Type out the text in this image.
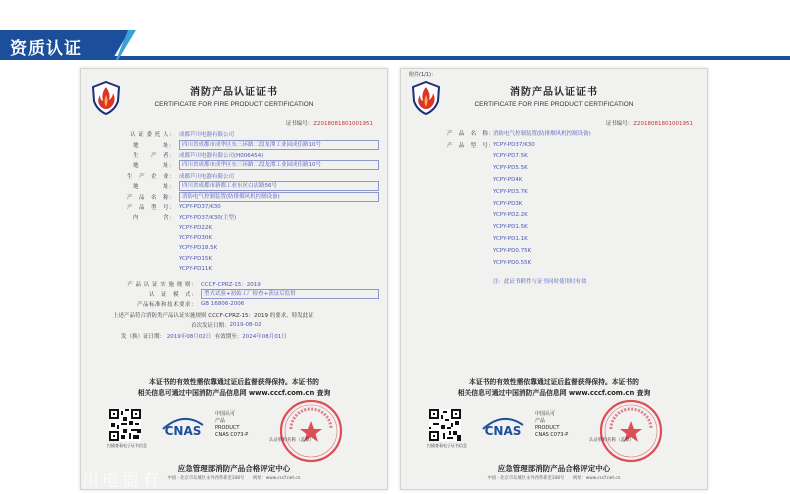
资质认证
消防产品认证证书
CERTIFICATE FOR FIRE PRODUCT CERTIFICATION
证书编号：Z2018081801001951
认 证 委 托 人： 成都芦川电器有限公司
地　　　　址：	四川省成都市成华区东三环路二段龙潭工业园成佳路10号
生　　产　者： 成都芦川电器有限公司(H006454)
地　　　　址：	四川省成都市成华区东三环路二段龙潭工业园成佳路10号
生　产　企　业： 成都芦川电器有限公司
地　　　　址：	四川省成都市新都工业东区白店路56号
产　品　名　称：	消防电气控制装置(防排烟风机控制设备)
产　品　型　号： YCPY-PD37/K30
内　　　　含： YCPY-PD37/K30(主型)
YCPY-PD22K
YCPY-PD30K
YCPY-PD18.5K
YCPY-PD15K
YCPY-PD11K
产 品 认 证 实 施 规 则： CCCF-CPRZ-15：2019
认　证　模　式：	型式试验+初始工厂检查+获证后监督
产品标准和技术要求： GB 16806-2006
上述产品符合消防类产品认证实施规则 CCCF-CPRZ-15：2019 的要求，特发此证
首次发证日期： 2019-08-02
发（换）证日期：
2019年08月02日
有效期至： 2024年08月01日
本证书的有效性需依靠通过证后监督获得保持。本证书的
相关信息可通过中国消防产品信息网 www.cccf.com.cn 查询
扫描查看电子证书信息
CNAS
中国认可
产品
PRODUCT
CNAS C073-P
认证机构名称（盖章）
应急管理部消防产品合格评定中心
中国 · 北京市东城区永外西革新里108号　　网址：www.cccf.net.cn
附件(1/1)：
消防产品认证证书
CERTIFICATE FOR FIRE PRODUCT CERTIFICATION
证书编号：Z2018081801001951
产　品　名　称：
消防电气控制装置(防排烟风机控制设备)
产　品　型　号：
YCPY-PD37/K30
YCPY-PD7.5K
YCPY-PD5.5K
YCPY-PD4K
YCPY-PD3.7K
YCPY-PD3K
YCPY-PD2.2K
YCPY-PD1.5K
YCPY-PD1.1K
YCPY-PD0.75K
YCPY-PD0.55K
注：此证书附件与证书同时使用时有效
本证书的有效性需依靠通过证后监督获得保持。本证书的
相关信息可通过中国消防产品信息网 www.cccf.com.cn 查询
扫描查看电子证书信息
CNAS
中国认可
产品
PRODUCT
CNAS C073-P
认证机构名称（盖章）
应急管理部消防产品合格评定中心
中国 · 北京市东城区永外西革新里108号　　网址：www.cccf.net.cn
川电器有
